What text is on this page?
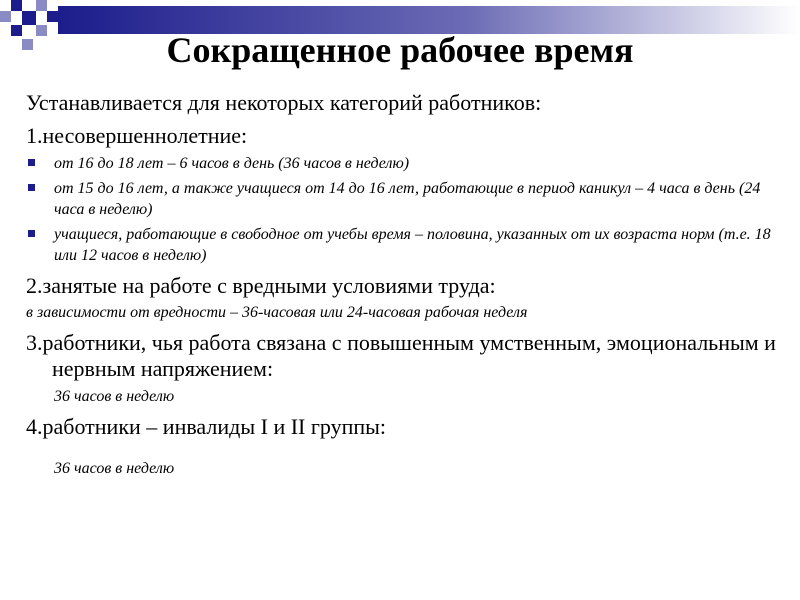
Сокращенное рабочее время

Устанавливается для некоторых категорий работников:

1.несовершеннолетние:

от 16 до 18 лет – 6 часов в день (36 часов в неделю)
от 15 до 16 лет, а также учащиеся от 14 до 16 лет, работающие в период каникул – 4 часа в день (24 часа в неделю)
учащиеся, работающие в свободное от учебы время – половина, указанных от их возраста норм (т.е. 18 или 12 часов в неделю)

2.занятые на работе с вредными условиями труда:

в зависимости от вредности – 36-часовая или 24-часовая рабочая неделя

3.работники, чья работа связана с повышенным умственным, эмоциональным и нервным напряжением:

36 часов в неделю

4.работники – инвалиды I и II группы:

36 часов в неделю
